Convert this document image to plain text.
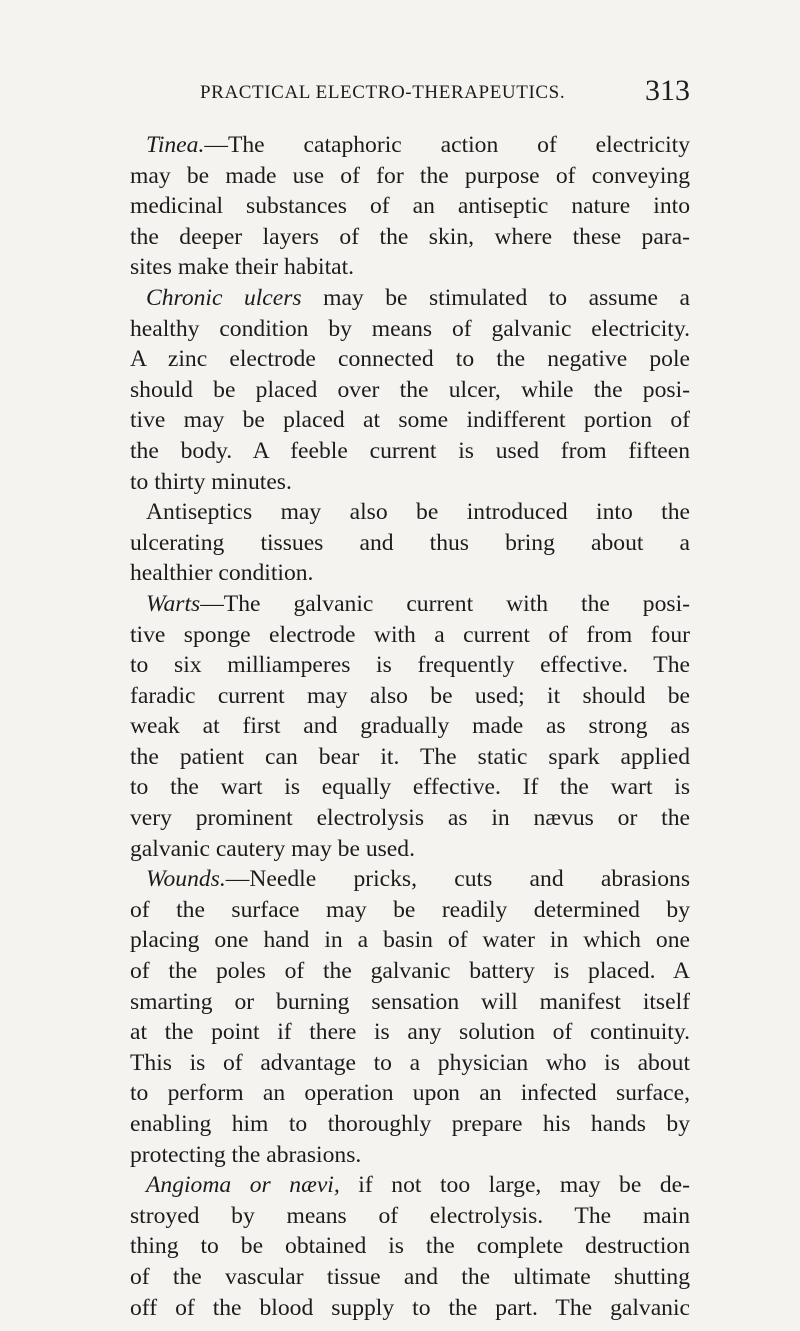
PRACTICAL ELECTRO-THERAPEUTICS.	313
Tinea.—The cataphoric action of electricity
may be made use of for the purpose of conveying
medicinal substances of an antiseptic nature into
the deeper layers of the skin, where these para-
sites make their habitat.
Chronic ulcers may be stimulated to assume a
healthy condition by means of galvanic electricity.
A zinc electrode connected to the negative pole
should be placed over the ulcer, while the posi-
tive may be placed at some indifferent portion of
the body. A feeble current is used from fifteen
to thirty minutes.
Antiseptics may also be introduced into the
ulcerating tissues and thus bring about a
healthier condition.
Warts—The galvanic current with the posi-
tive sponge electrode with a current of from four
to six milliamperes is frequently effective. The
faradic current may also be used; it should be
weak at first and gradually made as strong as
the patient can bear it. The static spark applied
to the wart is equally effective. If the wart is
very prominent electrolysis as in nævus or the
galvanic cautery may be used.
Wounds.—Needle pricks, cuts and abrasions
of the surface may be readily determined by
placing one hand in a basin of water in which one
of the poles of the galvanic battery is placed. A
smarting or burning sensation will manifest itself
at the point if there is any solution of continuity.
This is of advantage to a physician who is about
to perform an operation upon an infected surface,
enabling him to thoroughly prepare his hands by
protecting the abrasions.
Angioma or nævi, if not too large, may be de-
stroyed by means of electrolysis. The main
thing to be obtained is the complete destruction
of the vascular tissue and the ultimate shutting
off of the blood supply to the part. The galvanic
